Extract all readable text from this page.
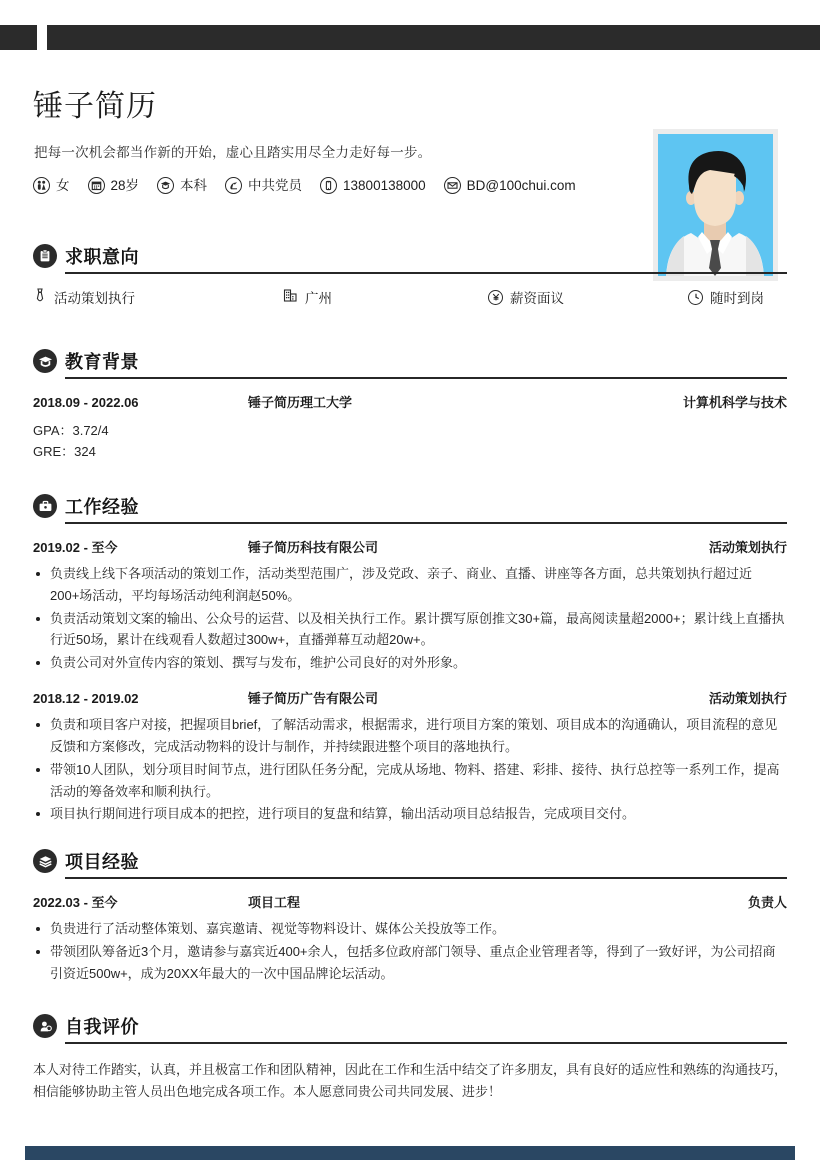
锤子简历
把每一次机会都当作新的开始，虚心且踏实用尽全力走好每一步。
女	28岁	本科	中共党员	13800138000	BD@100chui.com
求职意向
活动策划执行	广州	薪资面议	随时到岗
教育背景
2018.09 - 2022.06	锤子简历理工大学	计算机科学与技术
GPA：3.72/4
GRE：324
工作经验
2019.02 - 至今	锤子简历科技有限公司	活动策划执行
负责线上线下各项活动的策划工作，活动类型范围广，涉及党政、亲子、商业、直播、讲座等各方面，总共策划执行超过近200+场活动，平均每场活动纯利润赵50%。
负责活动策划文案的输出、公众号的运营、以及相关执行工作。累计撰写原创推文30+篇，最高阅读量超2000+；累计线上直播执行近50场，累计在线观看人数超过300w+，直播弹幕互动超20w+。
负责公司对外宣传内容的策划、撰写与发布，维护公司良好的对外形象。
2018.12 - 2019.02	锤子简历广告有限公司	活动策划执行
负责和项目客户对接，把握项目brief，了解活动需求，根据需求，进行项目方案的策划、项目成本的沟通确认，项目流程的意见反馈和方案修改，完成活动物料的设计与制作，并持续跟进整个项目的落地执行。
带领10人团队，划分项目时间节点，进行团队任务分配，完成从场地、物料、搭建、彩排、接待、执行总控等一系列工作，提高活动的筹备效率和顺利执行。
项目执行期间进行项目成本的把控，进行项目的复盘和结算，输出活动项目总结报告，完成项目交付。
项目经验
2022.03 - 至今	项目工程	负责人
负贵进行了活动整体策划、嘉宾邀请、视觉等物料设计、媒体公关投放等工作。
带领团队筹备近3个月，邀请参与嘉宾近400+余人，包括多位政府部门领导、重点企业管理者等，得到了一致好评，为公司招商引资近500w+，成为20XX年最大的一次中国品牌论坛活动。
自我评价
本人对待工作踏实，认真，并且极富工作和团队精神，因此在工作和生活中结交了许多朋友，具有良好的适应性和熟练的沟通技巧，相信能够协助主管人员出色地完成各项工作。本人愿意同贵公司共同发展、进步！
